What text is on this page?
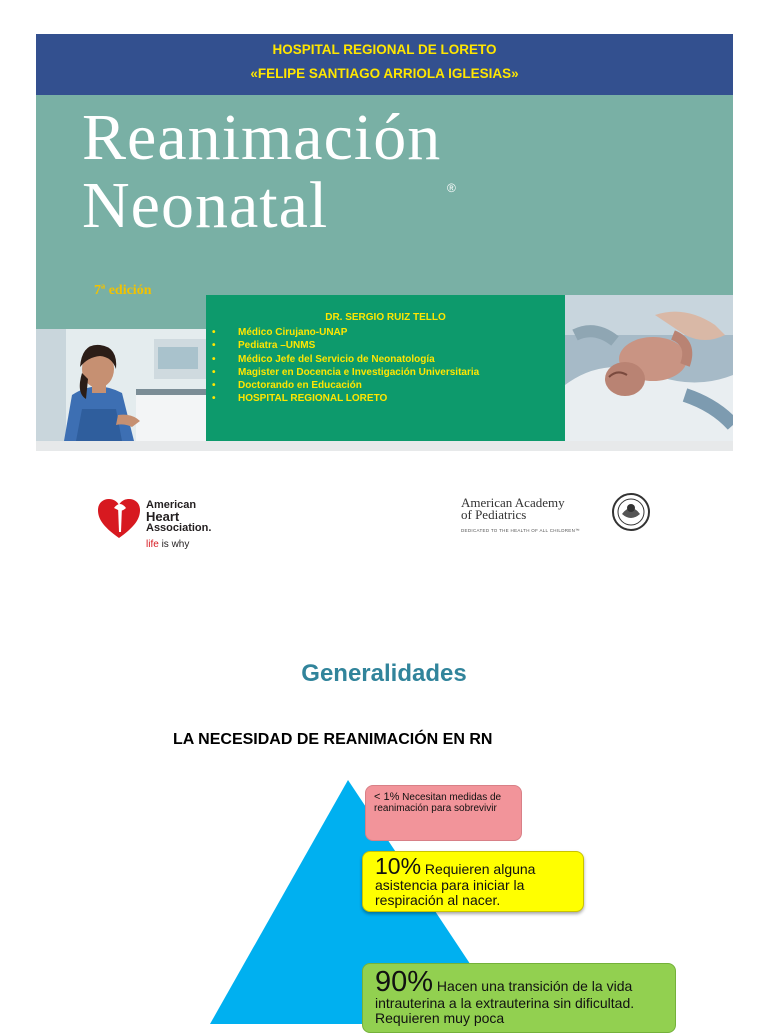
HOSPITAL REGIONAL DE LORETO
«FELIPE SANTIAGO ARRIOLA IGLESIAS»
Reanimación
Neonatal	®
7ª edición
DR. SERGIO RUIZ TELLO
• Médico Cirujano-UNAP
• Pediatra –UNMS
• Médico Jefe del Servicio de Neonatología
• Magister en Docencia e Investigación Universitaria
• Doctorando en Educación
• HOSPITAL REGIONAL LORETO
American
Heart
Association.
life is why
American Academy
of Pediatrics
DEDICATED TO THE HEALTH OF ALL CHILDREN™
Generalidades
LA NECESIDAD DE REANIMACIÓN EN RN
< 1% Necesitan medidas de reanimación para sobrevivir
10% Requieren alguna asistencia para iniciar la respiración al nacer.
90% Hacen una transición de la vida intrauterina a la extrauterina sin dificultad. Requieren muy poca
